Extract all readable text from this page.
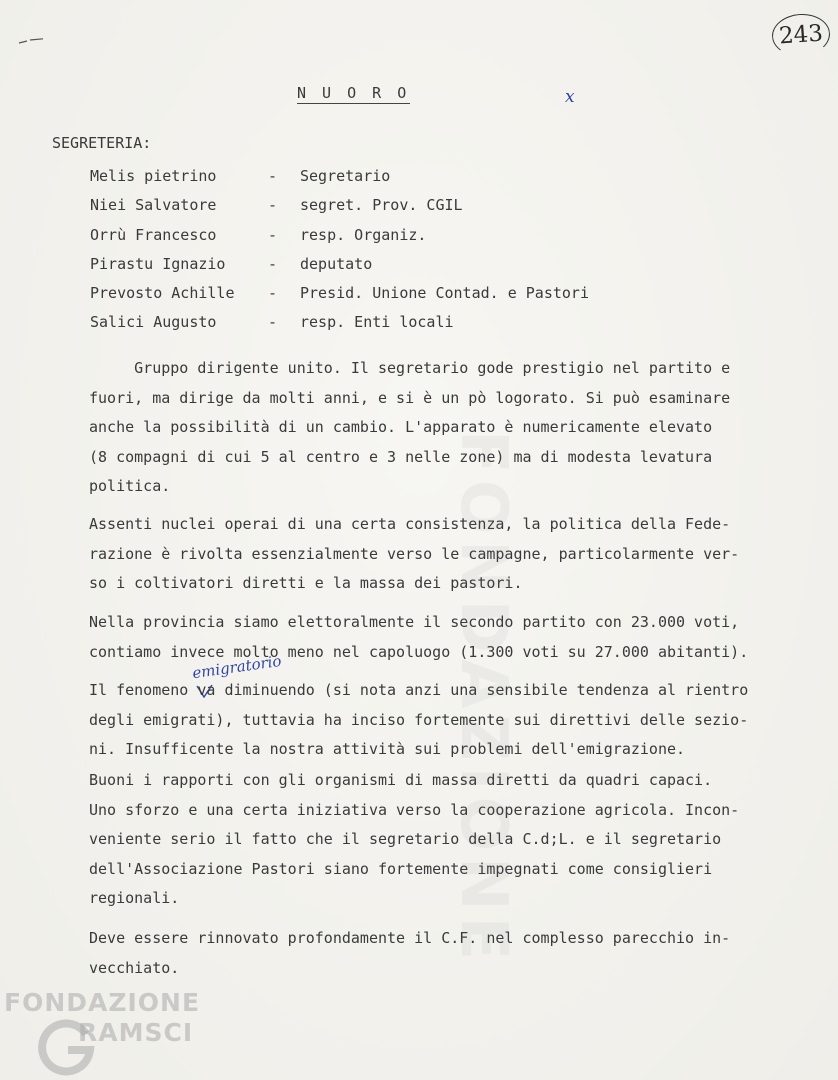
243
N U O R O	x
SEGRETERIA:
Melis pietrino	- Segretario
Niei Salvatore	- segret. Prov. CGIL
Orrù Francesco	- resp. Organiz.
Pirastu Ignazio	- deputato
Prevosto Achille	- Presid. Unione Contad. e Pastori
Salici Augusto	- resp. Enti locali
Gruppo dirigente unito. Il segretario gode prestigio nel partito e
fuori, ma dirige da molti anni, e si è un pò logorato. Si può esaminare
anche la possibilità di un cambio. L'apparato è numericamente elevato
(8 compagni di cui 5 al centro e 3 nelle zone) ma di modesta levatura
politica.
Assenti nuclei operai di una certa consistenza, la politica della Fede-
razione è rivolta essenzialmente verso le campagne, particolarmente ver-
so i coltivatori diretti e la massa dei pastori.
Nella provincia siamo elettoralmente il secondo partito con 23.000 voti,
contiamo invece molto meno nel capoluogo (1.300 voti su 27.000 abitanti).
emigratorio
Il fenomeno va diminuendo (si nota anzi una sensibile tendenza al rientro
degli emigrati), tuttavia ha inciso fortemente sui direttivi delle sezio-
ni. Insufficente la nostra attività sui problemi dell'emigrazione.
Buoni i rapporti con gli organismi di massa diretti da quadri capaci.
Uno sforzo e una certa iniziativa verso la cooperazione agricola. Incon-
veniente serio il fatto che il segretario della C.d;L. e il segretario
dell'Associazione Pastori siano fortemente impegnati come consiglieri
regionali.
Deve essere rinnovato profondamente il C.F. nel complesso parecchio in-
vecchiato.
FONDAZIONE
FONDAZIONE
RAMSCI
